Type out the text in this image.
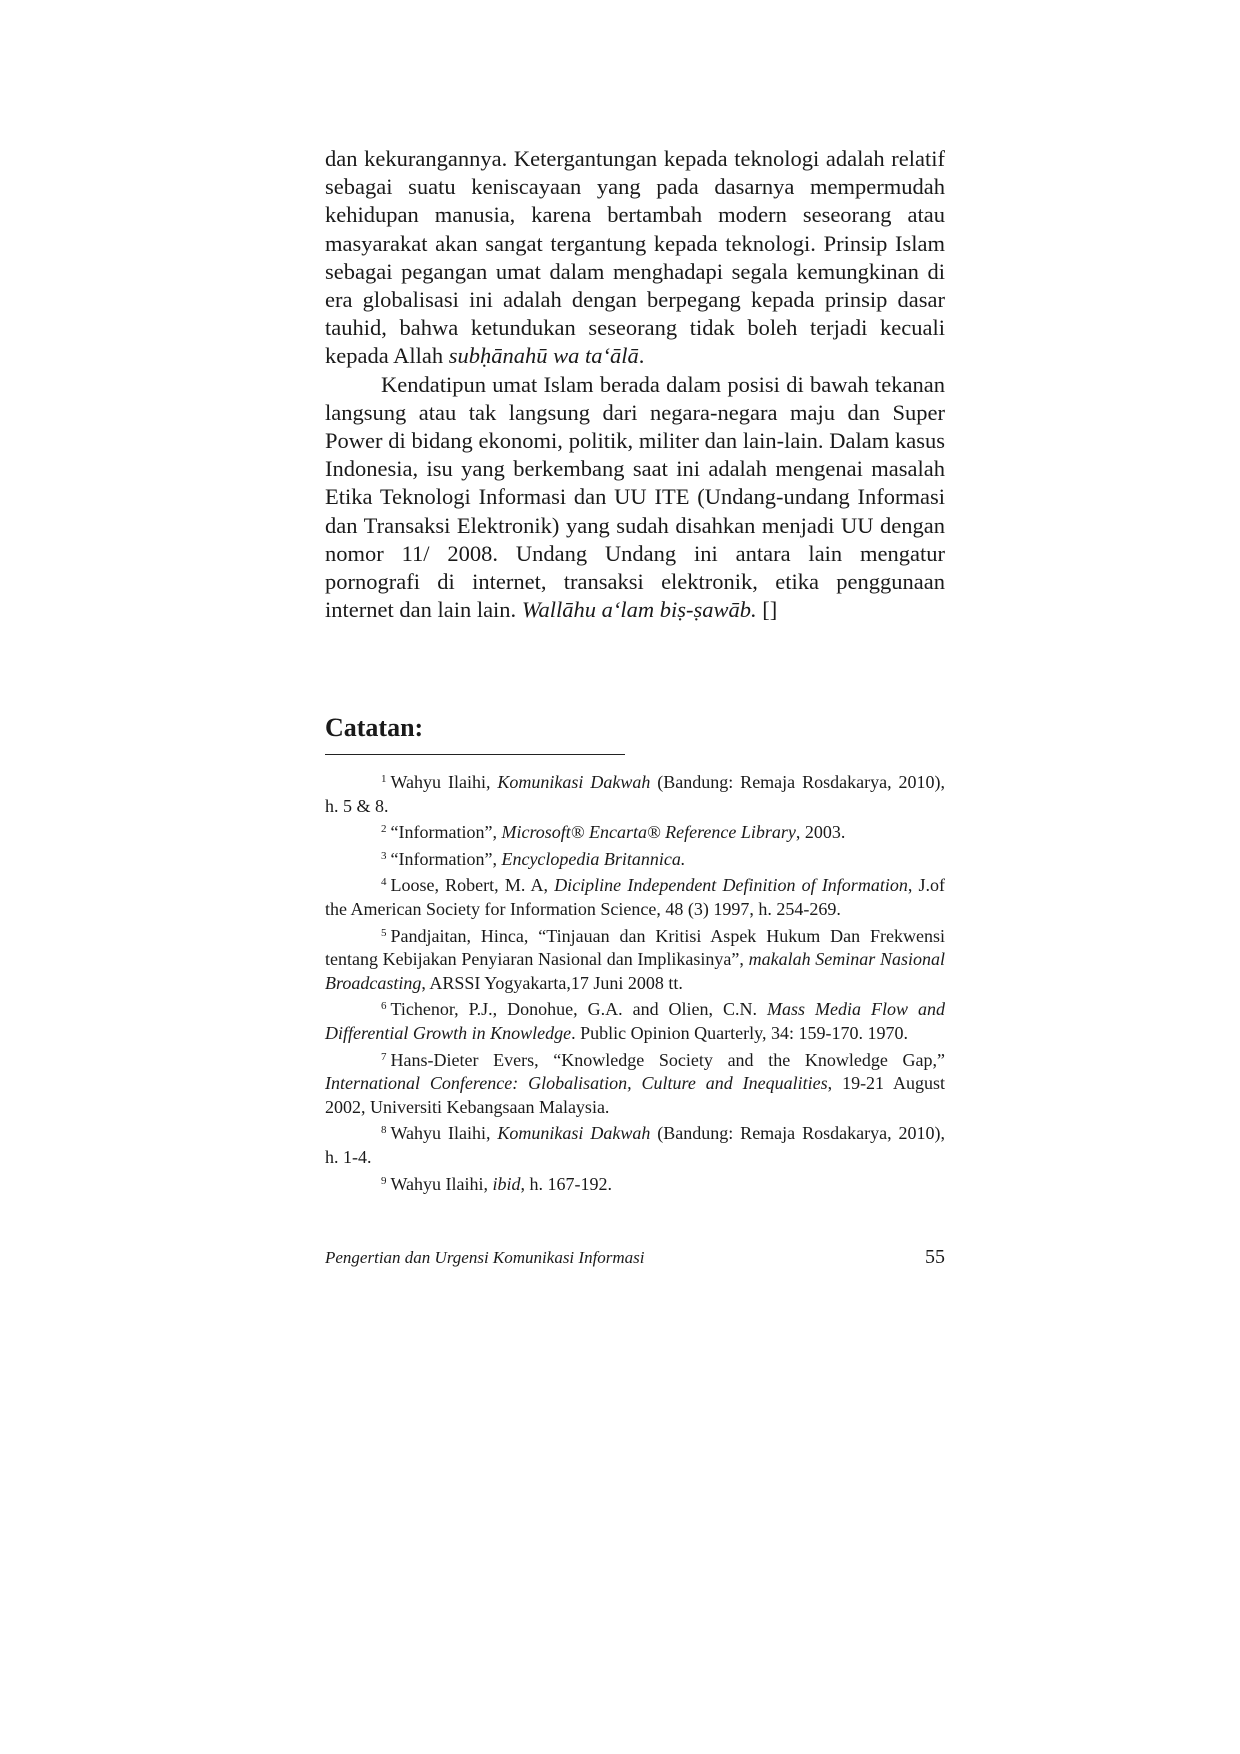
dan kekurangannya. Ketergantungan kepada teknologi adalah relatif sebagai suatu keniscayaan yang pada dasarnya mempermudah kehidupan manusia, karena bertambah modern seseorang atau masyarakat akan sangat tergantung kepada teknologi. Prinsip Islam sebagai pegangan umat dalam menghadapi segala kemungkinan di era globalisasi ini adalah dengan berpegang kepada prinsip dasar tauhid, bahwa ketundukan seseorang tidak boleh terjadi kecuali kepada Allah subḥānahū wa ta‘ālā.

Kendatipun umat Islam berada dalam posisi di bawah tekanan langsung atau tak langsung dari negara-negara maju dan Super Power di bidang ekonomi, politik, militer dan lain-lain. Dalam kasus Indonesia, isu yang berkembang saat ini adalah mengenai masalah Etika Teknologi Informasi dan UU ITE (Undang-undang Informasi dan Transaksi Elektronik) yang sudah disahkan menjadi UU dengan nomor 11/ 2008. Undang Undang ini antara lain mengatur pornografi di internet, transaksi elektronik, etika penggunaan internet dan lain lain. Wallāhu a‘lam biṣ-ṣawāb. []

Catatan:

$^1$ Wahyu Ilaihi, Komunikasi Dakwah (Bandung: Remaja Rosdakarya, 2010), h. 5 & 8.

$^2$ “Information”, Microsoft® Encarta® Reference Library, 2003.

$^3$ “Information”, Encyclopedia Britannica.

$^4$ Loose, Robert, M. A, Dicipline Independent Definition of Information, J.of the American Society for Information Science, 48 (3) 1997, h. 254-269.

$^5$ Pandjaitan, Hinca, “Tinjauan dan Kritisi Aspek Hukum Dan Frekwensi tentang Kebijakan Penyiaran Nasional dan Implikasinya”, makalah Seminar Nasional Broadcasting, ARSSI Yogyakarta,17 Juni 2008 tt.

$^6$ Tichenor, P.J., Donohue, G.A. and Olien, C.N. Mass Media Flow and Differential Growth in Knowledge. Public Opinion Quarterly, 34: 159-170. 1970.

$^7$ Hans-Dieter Evers, “Knowledge Society and the Knowledge Gap,” International Conference: Globalisation, Culture and Inequalities, 19-21 August 2002, Universiti Kebangsaan Malaysia.

$^8$ Wahyu Ilaihi, Komunikasi Dakwah (Bandung: Remaja Rosdakarya, 2010), h. 1-4.

$^9$ Wahyu Ilaihi, ibid, h. 167-192.

Pengertian dan Urgensi Komunikasi Informasi	55
